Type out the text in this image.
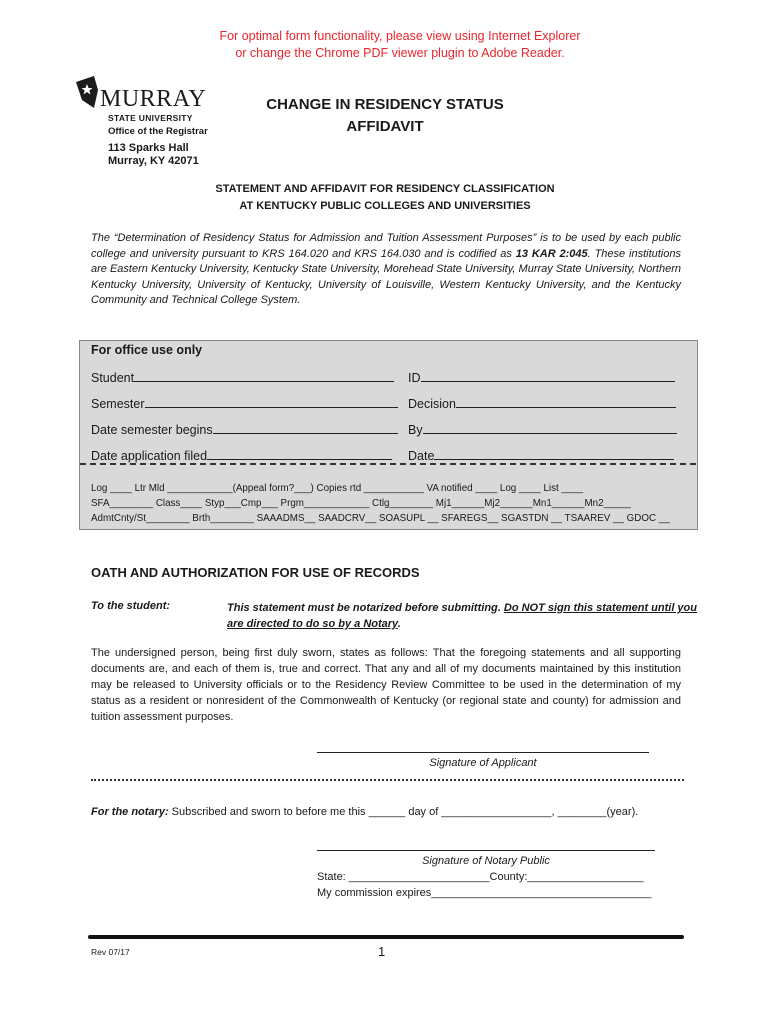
For optimal form functionality, please view using Internet Explorer
or change the Chrome PDF viewer plugin to Adobe Reader.
MURRAY
STATE UNIVERSITY
Office of the Registrar
113 Sparks Hall
Murray, KY 42071
CHANGE IN RESIDENCY STATUS
AFFIDAVIT
STATEMENT AND AFFIDAVIT FOR RESIDENCY CLASSIFICATION
AT KENTUCKY PUBLIC COLLEGES AND UNIVERSITIES
The “Determination of Residency Status for Admission and Tuition Assessment Purposes” is to be used by each public college and university pursuant to KRS 164.020 and KRS 164.030 and is codified as 13 KAR 2:045. These institutions are Eastern Kentucky University, Kentucky State University, Morehead State University, Murray State University, Northern Kentucky University, University of Kentucky, University of Louisville, Western Kentucky University, and the Kentucky Community and Technical College System.
For office use only
Student	ID
Semester	Decision
Date semester begins	By
Date application filed	Date
Log ____ Ltr Mld ____________(Appeal form?___) Copies rtd ___________ VA notified ____ Log ____ List ____
SFA________ Class____ Styp___Cmp___ Prgm____________ Ctlg________ Mj1______Mj2______Mn1______Mn2_____
AdmtCnty/St________ Brth________ SAAADMS__ SAADCRV__ SOASUPL __ SFAREGS__ SGASTDN __ TSAAREV __ GDOC __
OATH AND AUTHORIZATION FOR USE OF RECORDS
To the student:	This statement must be notarized before submitting. Do NOT sign this statement until you are directed to do so by a Notary.
The undersigned person, being first duly sworn, states as follows: That the foregoing statements and all supporting documents are, and each of them is, true and correct. That any and all of my documents maintained by this institution may be released to University officials or to the Residency Review Committee to be used in the determination of my status as a resident or nonresident of the Commonwealth of Kentucky (or regional state and county) for admission and tuition assessment purposes.
Signature of Applicant
For the notary: Subscribed and sworn to before me this ______ day of __________________, ________(year).
Signature of Notary Public
State: _______________________County:___________________
My commission expires____________________________________
Rev 07/17	1
